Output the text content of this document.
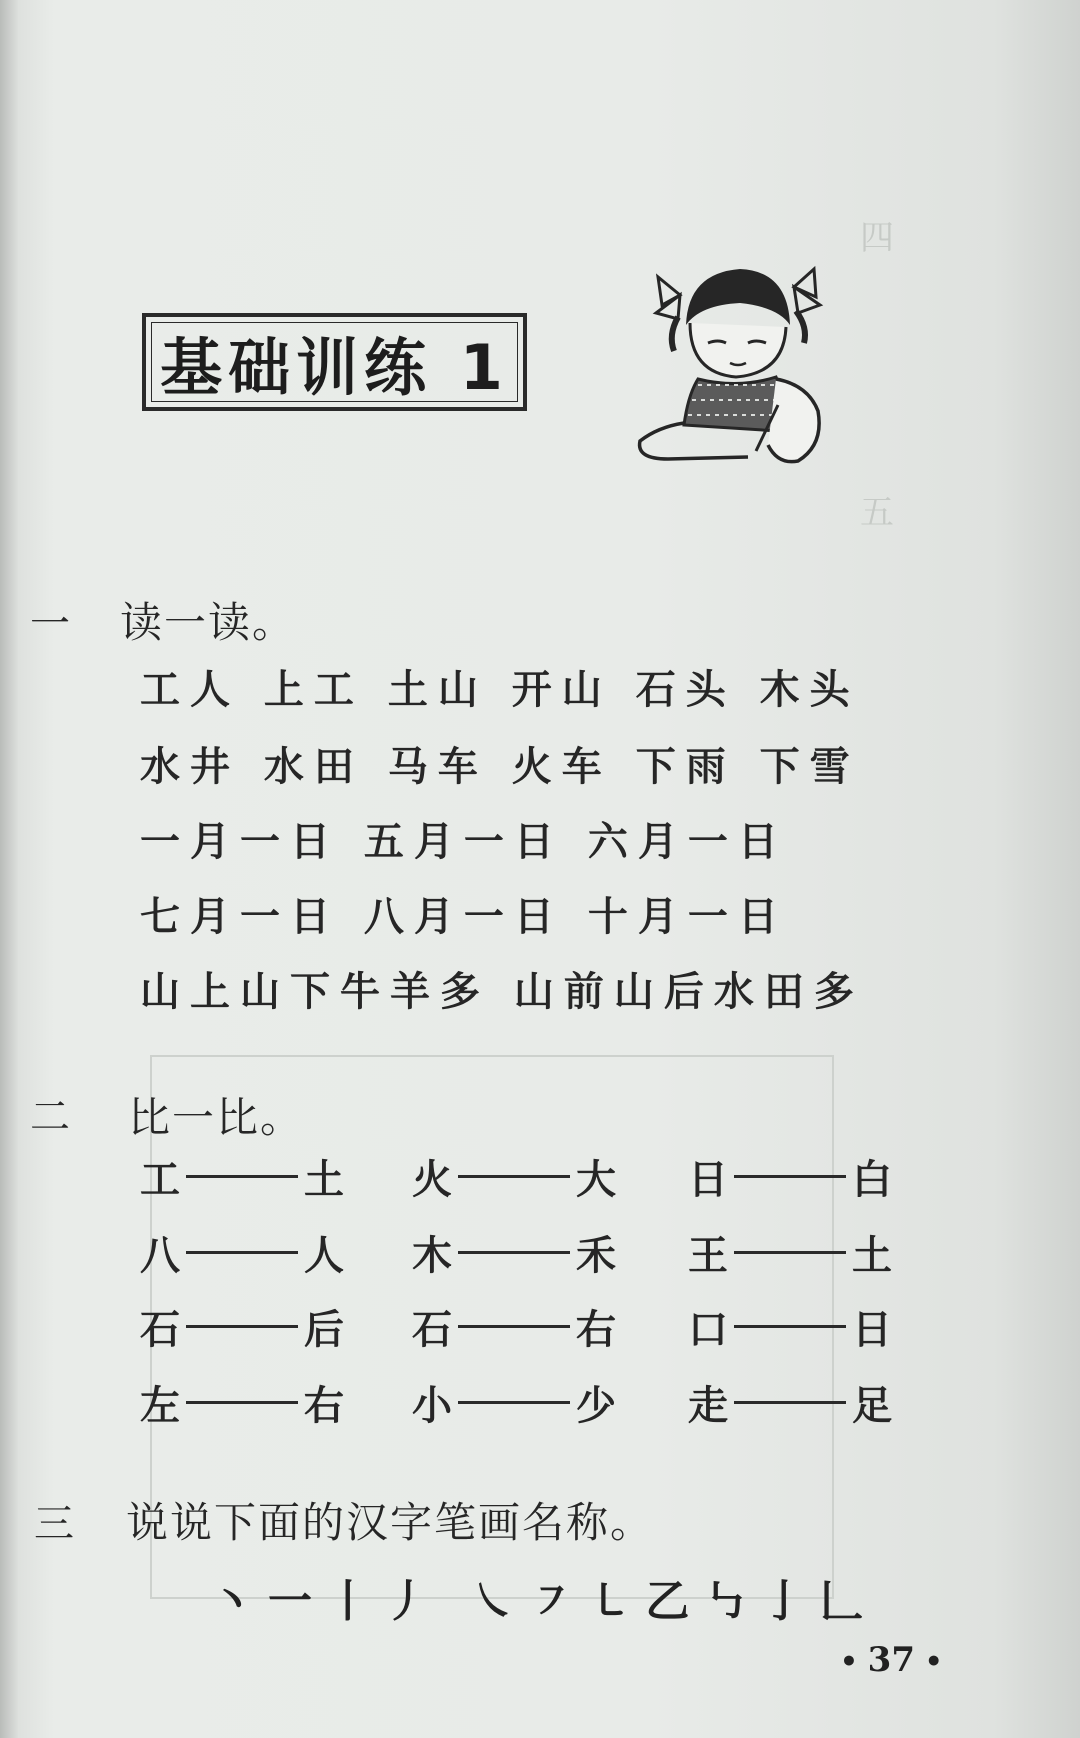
四
五
基础训练 1
一 读一读。
工人 上工 土山 开山 石头 木头
水井 水田 马车 火车 下雨 下雪
一月一日 五月一日 六月一日
七月一日 八月一日 十月一日
山上山下牛羊多 山前山后水田多
二 比一比。
工	土 火	大 日	白
八	人 木	禾 王	土
石	后 石	右 口	日
左	右 小	少 走	足
三 说说下面的汉字笔画名称。
丶一丨丿 ㇏㇇㇄乙㇉亅𠃊
• 37 •
